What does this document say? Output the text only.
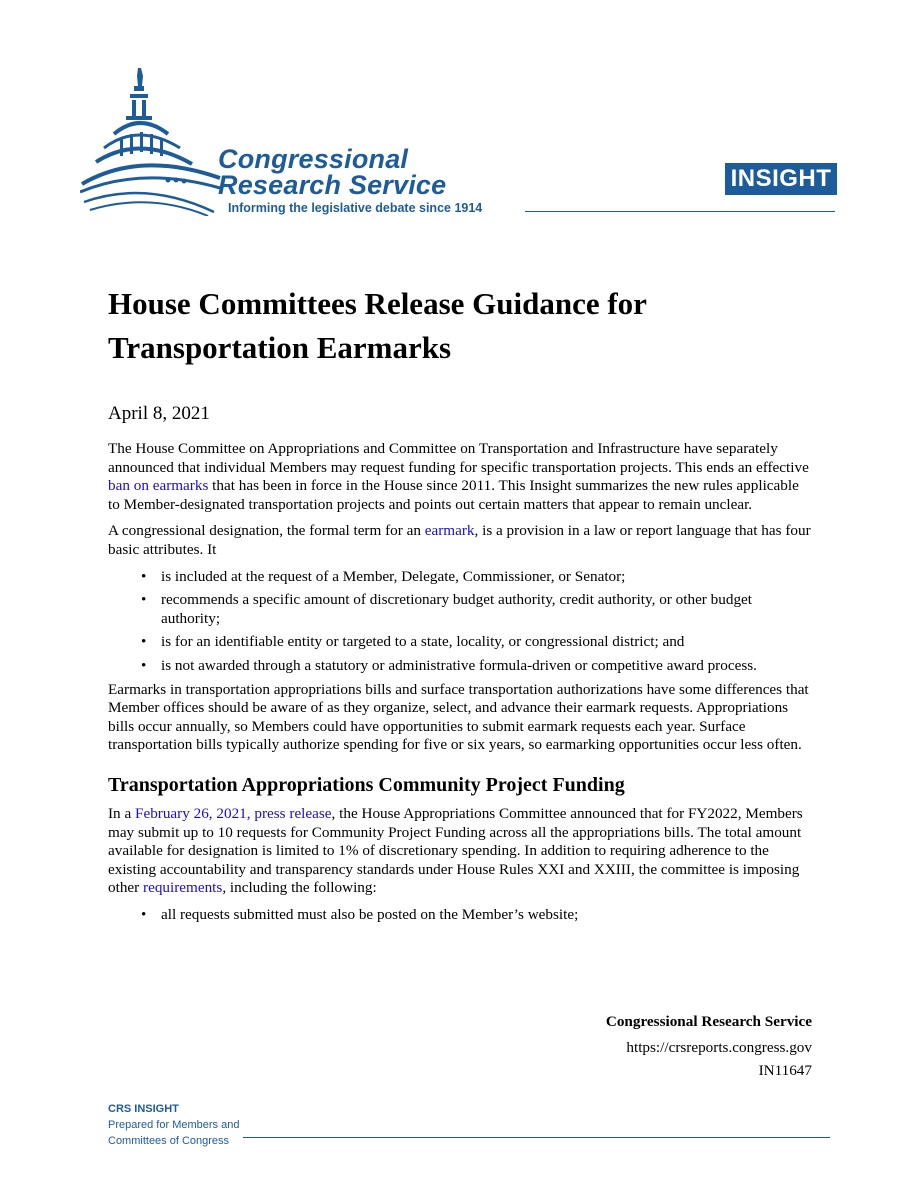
Congressional
Research Service
Informing the legislative debate since 1914
INSIGHT
House Committees Release Guidance for Transportation Earmarks
April 8, 2021

The House Committee on Appropriations and Committee on Transportation and Infrastructure have separately announced that individual Members may request funding for specific transportation projects. This ends an effective ban on earmarks that has been in force in the House since 2011. This Insight summarizes the new rules applicable to Member-designated transportation projects and points out certain matters that appear to remain unclear.

A congressional designation, the formal term for an earmark, is a provision in a law or report language that has four basic attributes. It

• is included at the request of a Member, Delegate, Commissioner, or Senator;
• recommends a specific amount of discretionary budget authority, credit authority, or other budget authority;
• is for an identifiable entity or targeted to a state, locality, or congressional district; and
• is not awarded through a statutory or administrative formula-driven or competitive award process.

Earmarks in transportation appropriations bills and surface transportation authorizations have some differences that Member offices should be aware of as they organize, select, and advance their earmark requests. Appropriations bills occur annually, so Members could have opportunities to submit earmark requests each year. Surface transportation bills typically authorize spending for five or six years, so earmarking opportunities occur less often.

Transportation Appropriations Community Project Funding

In a February 26, 2021, press release, the House Appropriations Committee announced that for FY2022, Members may submit up to 10 requests for Community Project Funding across all the appropriations bills. The total amount available for designation is limited to 1% of discretionary spending. In addition to requiring adherence to the existing accountability and transparency standards under House Rules XXI and XXIII, the committee is imposing other requirements, including the following:

• all requests submitted must also be posted on the Member’s website;
Congressional Research Service
https://crsreports.congress.gov
IN11647
CRS INSIGHT
Prepared for Members and
Committees of Congress
